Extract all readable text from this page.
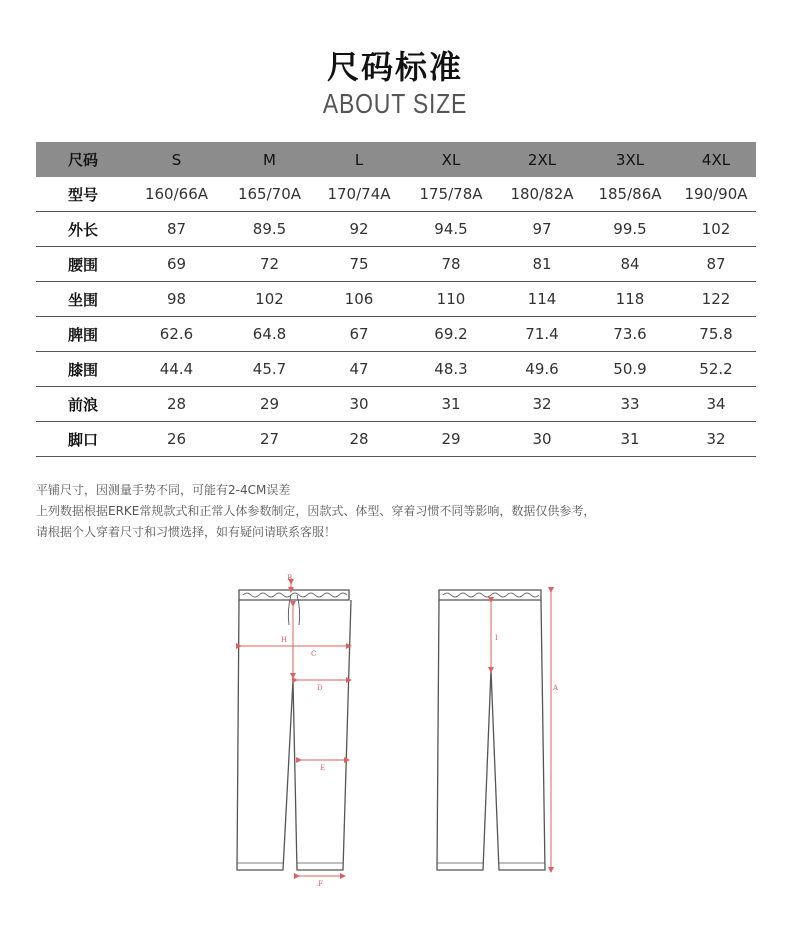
尺码标准
ABOUT SIZE
尺码	S	M	L	XL	2XL	3XL	4XL
型号	160/66A	165/70A	170/74A	175/78A	180/82A	185/86A	190/90A
外长	87	89.5	92	94.5	97	99.5	102
腰围	69	72	75	78	81	84	87
坐围	98	102	106	110	114	118	122
脾围	62.6	64.8	67	69.2	71.4	73.6	75.8
膝围	44.4	45.7	47	48.3	49.6	50.9	52.2
前浪	28	29	30	31	32	33	34
脚口	26	27	28	29	30	31	32
平铺尺寸，因测量手势不同，可能有2-4CM误差
上列数据根据ERKE常规款式和正常人体参数制定，因款式、体型、穿着习惯不同等影响，数据仅供参考，
请根据个人穿着尺寸和习惯选择，如有疑问请联系客服！
B
H
C
D
E
F
I
A
